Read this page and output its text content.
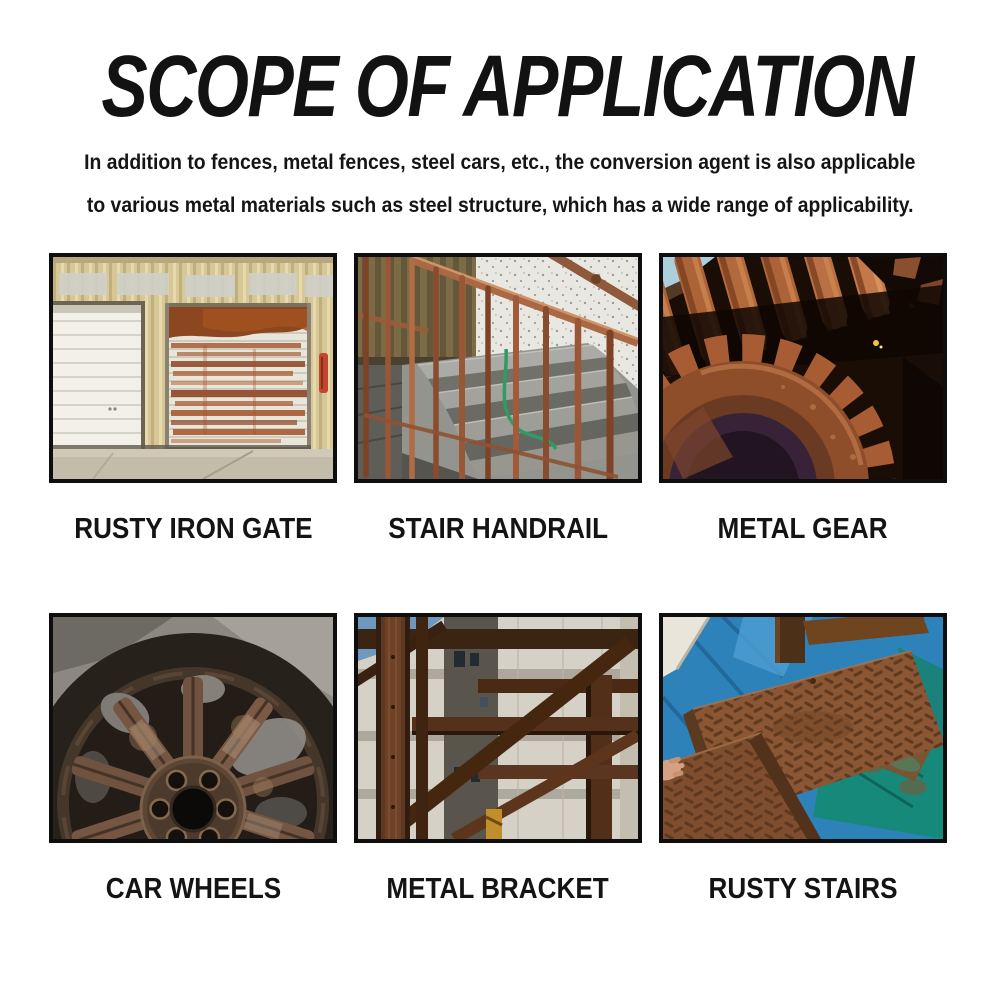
SCOPE OF APPLICATION
In addition to fences, metal fences, steel cars, etc., the conversion agent is also applicable
to various metal materials such as steel structure, which has a wide range of applicability.
RUSTY IRON GATE	STAIR HANDRAIL	METAL GEAR
CAR WHEELS	METAL BRACKET	RUSTY STAIRS
